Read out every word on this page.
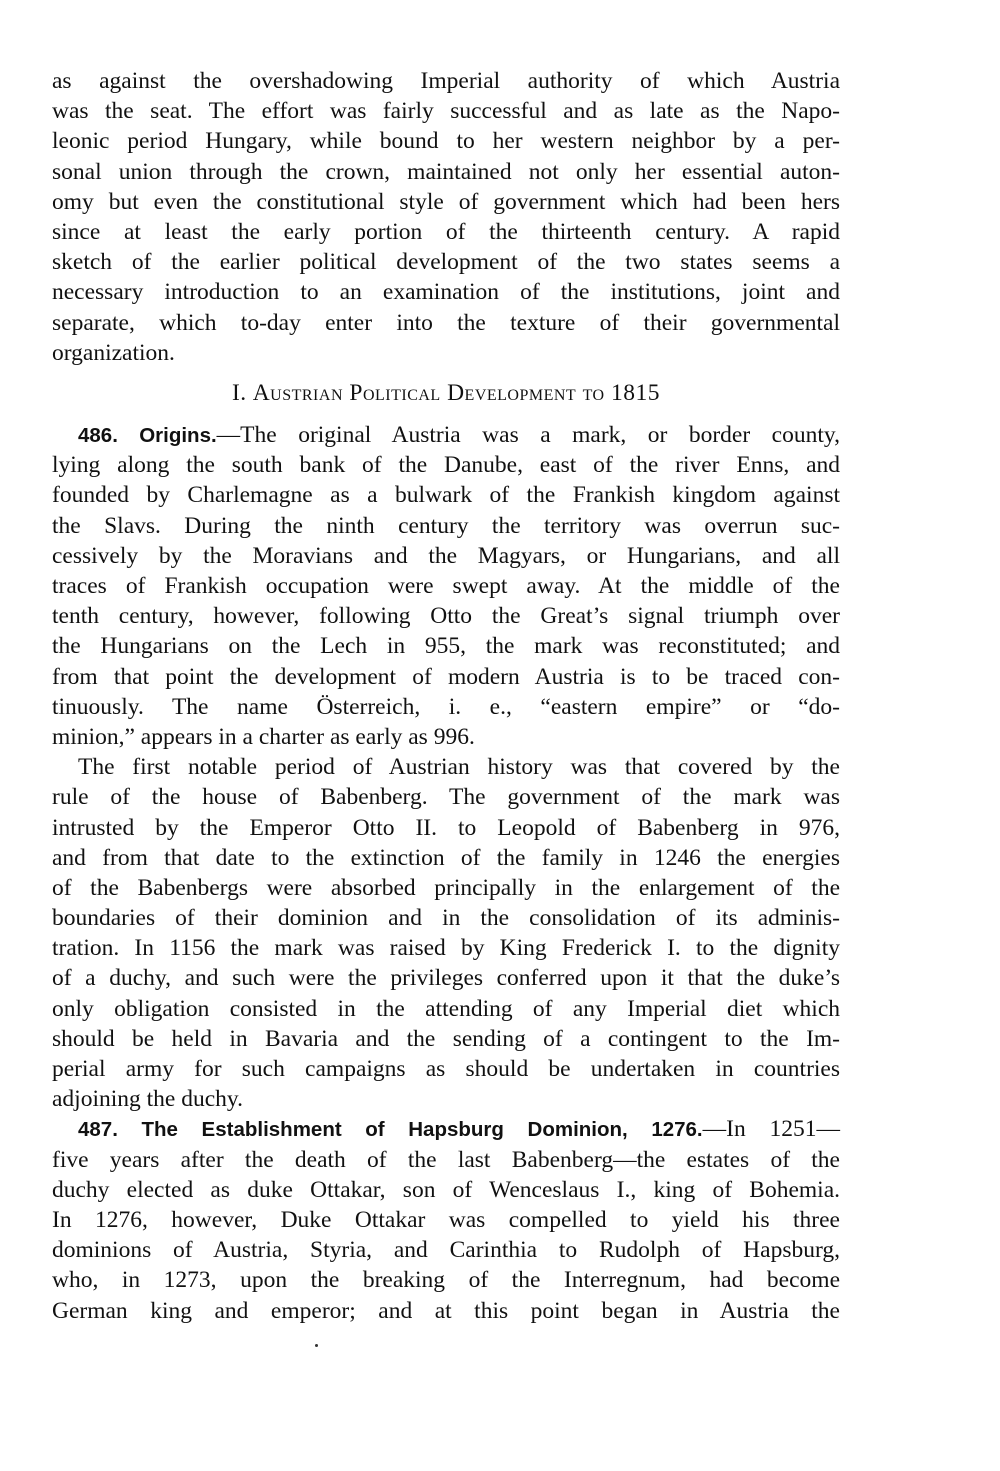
as against the overshadowing Imperial authority of which Austria
was the seat. The effort was fairly successful and as late as the Napo-
leonic period Hungary, while bound to her western neighbor by a per-
sonal union through the crown, maintained not only her essential auton-
omy but even the constitutional style of government which had been hers
since at least the early portion of the thirteenth century. A rapid
sketch of the earlier political development of the two states seems a
necessary introduction to an examination of the institutions, joint and
separate, which to-day enter into the texture of their governmental
organization.
I. Austrian Political Development to 1815
486. Origins.—The original Austria was a mark, or border county,
lying along the south bank of the Danube, east of the river Enns, and
founded by Charlemagne as a bulwark of the Frankish kingdom against
the Slavs. During the ninth century the territory was overrun suc-
cessively by the Moravians and the Magyars, or Hungarians, and all
traces of Frankish occupation were swept away. At the middle of the
tenth century, however, following Otto the Great’s signal triumph over
the Hungarians on the Lech in 955, the mark was reconstituted; and
from that point the development of modern Austria is to be traced con-
tinuously. The name Österreich, i. e., “eastern empire” or “do-
minion,” appears in a charter as early as 996.
The first notable period of Austrian history was that covered by the
rule of the house of Babenberg. The government of the mark was
intrusted by the Emperor Otto II. to Leopold of Babenberg in 976,
and from that date to the extinction of the family in 1246 the energies
of the Babenbergs were absorbed principally in the enlargement of the
boundaries of their dominion and in the consolidation of its adminis-
tration. In 1156 the mark was raised by King Frederick I. to the dignity
of a duchy, and such were the privileges conferred upon it that the duke’s
only obligation consisted in the attending of any Imperial diet which
should be held in Bavaria and the sending of a contingent to the Im-
perial army for such campaigns as should be undertaken in countries
adjoining the duchy.
487. The Establishment of Hapsburg Dominion, 1276.—In 1251—
five years after the death of the last Babenberg—the estates of the
duchy elected as duke Ottakar, son of Wenceslaus I., king of Bohemia.
In 1276, however, Duke Ottakar was compelled to yield his three
dominions of Austria, Styria, and Carinthia to Rudolph of Hapsburg,
who, in 1273, upon the breaking of the Interregnum, had become
German king and emperor; and at this point began in Austria the
